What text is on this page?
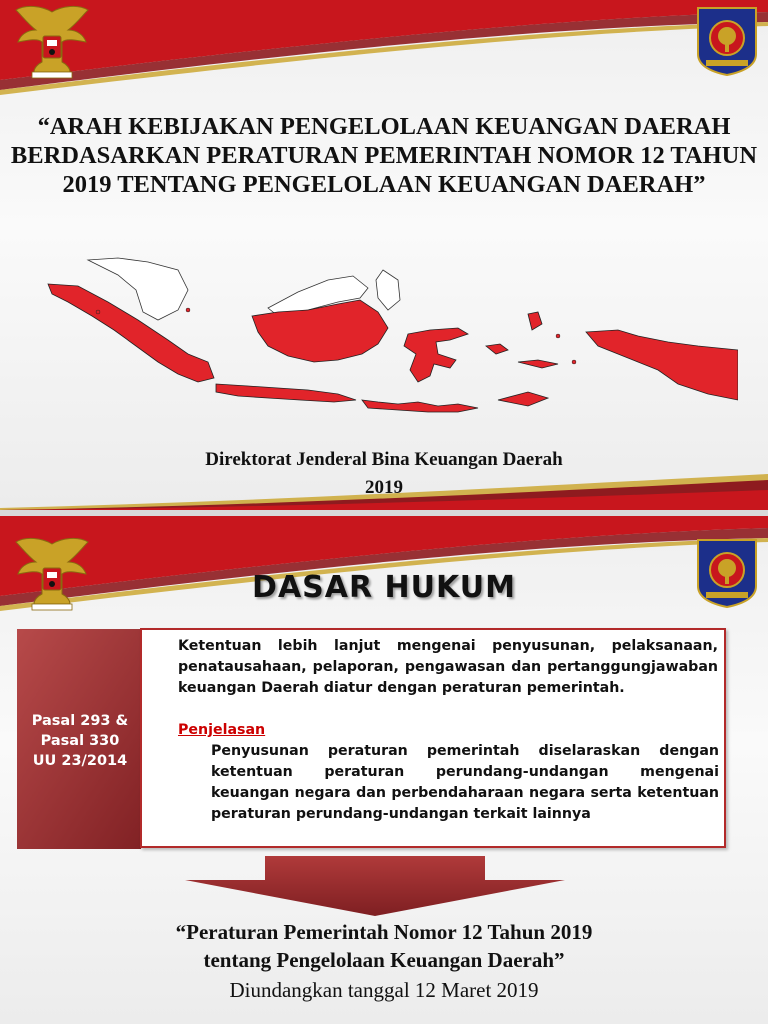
“ARAH KEBIJAKAN PENGELOLAAN KEUANGAN DAERAH
BERDASARKAN PERATURAN PEMERINTAH NOMOR 12 TAHUN
2019 TENTANG PENGELOLAAN KEUANGAN DAERAH”
Direktorat Jenderal Bina Keuangan Daerah
2019
DASAR HUKUM
Pasal 293 &
Pasal 330
UU 23/2014
Ketentuan lebih lanjut mengenai penyusunan, pelaksanaan, penatausahaan, pelaporan, pengawasan dan pertanggungjawaban keuangan Daerah diatur dengan peraturan pemerintah.
Penjelasan
Penyusunan peraturan pemerintah diselaraskan dengan ketentuan peraturan perundang-undangan mengenai keuangan negara dan perbendaharaan negara serta ketentuan peraturan perundang-undangan terkait lainnya
“Peraturan Pemerintah Nomor 12 Tahun 2019
tentang Pengelolaan Keuangan Daerah”
Diundangkan tanggal 12 Maret 2019
